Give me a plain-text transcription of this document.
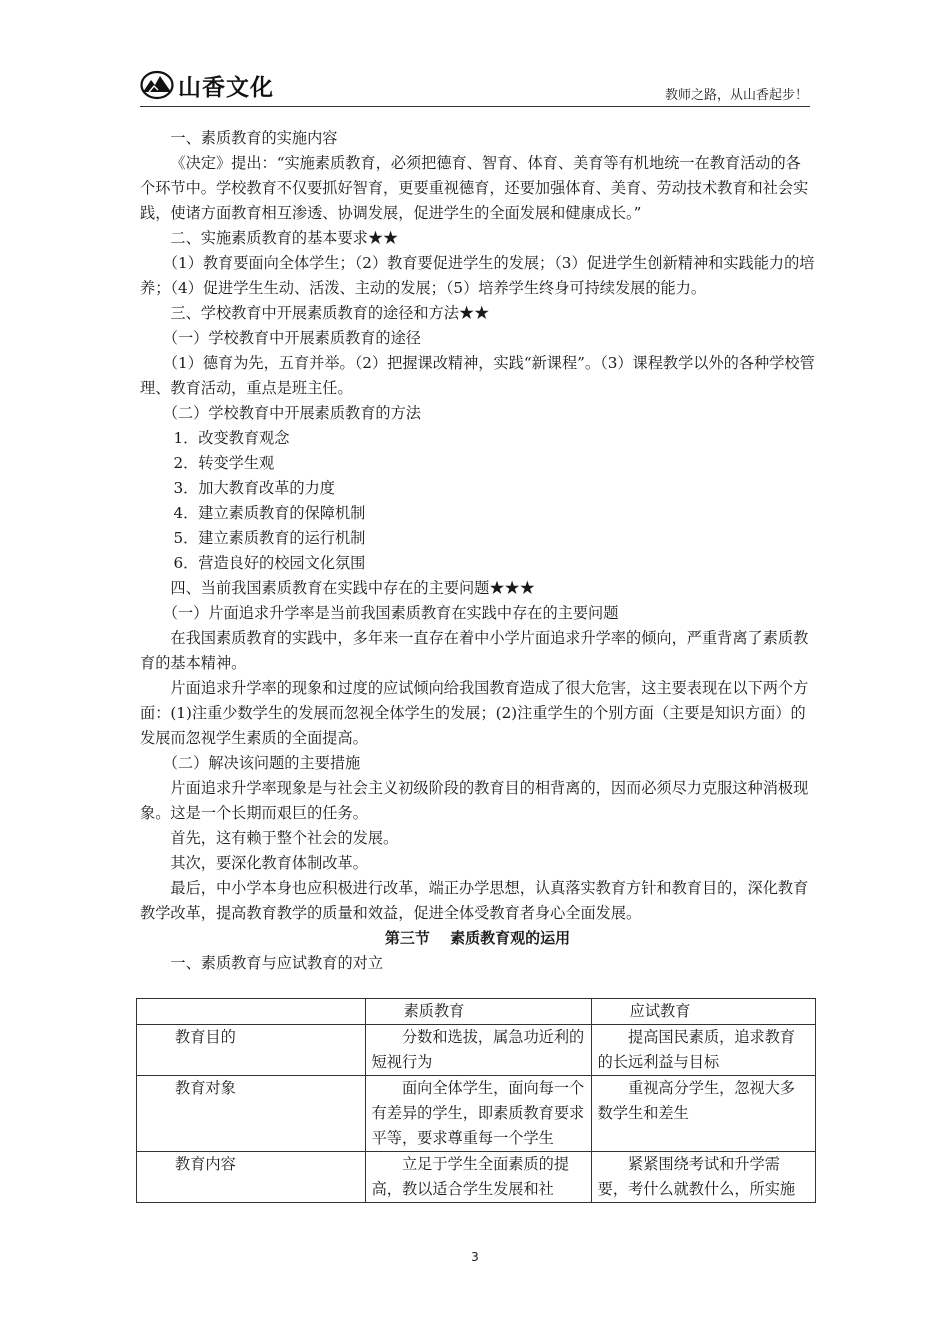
山香文化	教师之路，从山香起步！

一、素质教育的实施内容

《决定》提出：“实施素质教育，必须把德育、智育、体育、美育等有机地统一在教育活动的各个环节中。学校教育不仅要抓好智育，更要重视德育，还要加强体育、美育、劳动技术教育和社会实践，使诸方面教育相互渗透、协调发展，促进学生的全面发展和健康成长。”

二、实施素质教育的基本要求★★

（1）教育要面向全体学生；（2）教育要促进学生的发展；（3）促进学生创新精神和实践能力的培养；（4）促进学生生动、活泼、主动的发展；（5）培养学生终身可持续发展的能力。

三、学校教育中开展素质教育的途径和方法★★

（一）学校教育中开展素质教育的途径

（1）德育为先，五育并举。（2）把握课改精神，实践“新课程”。（3）课程教学以外的各种学校管理、教育活动，重点是班主任。

（二）学校教育中开展素质教育的方法

1．改变教育观念

2．转变学生观

3．加大教育改革的力度

4．建立素质教育的保障机制

5．建立素质教育的运行机制

6．营造良好的校园文化氛围

四、当前我国素质教育在实践中存在的主要问题★★★

（一）片面追求升学率是当前我国素质教育在实践中存在的主要问题

在我国素质教育的实践中，多年来一直存在着中小学片面追求升学率的倾向，严重背离了素质教育的基本精神。

片面追求升学率的现象和过度的应试倾向给我国教育造成了很大危害，这主要表现在以下两个方面：(1)注重少数学生的发展而忽视全体学生的发展；(2)注重学生的个别方面（主要是知识方面）的发展而忽视学生素质的全面提高。

（二）解决该问题的主要措施

片面追求升学率现象是与社会主义初级阶段的教育目的相背离的，因而必须尽力克服这种消极现象。这是一个长期而艰巨的任务。

首先，这有赖于整个社会的发展。

其次，要深化教育体制改革。

最后，中小学本身也应积极进行改革，端正办学思想，认真落实教育方针和教育目的，深化教育教学改革，提高教育教学的质量和效益，促进全体受教育者身心全面发展。

第三节　 素质教育观的运用

一、素质教育与应试教育的对立

	素质教育	应试教育
教育目的	分数和选拔，属急功近利的短视行为	提高国民素质，追求教育的长远利益与目标

教育对象	面向全体学生，面向每一个有差异的学生，即素质教育要求平等，要求尊重每一个学生	重视高分学生，忽视大多数学生和差生

教育内容	立足于学生全面素质的提高，教以适合学生发展和社	紧紧围绕考试和升学需要，考什么就教什么，所实施
3
